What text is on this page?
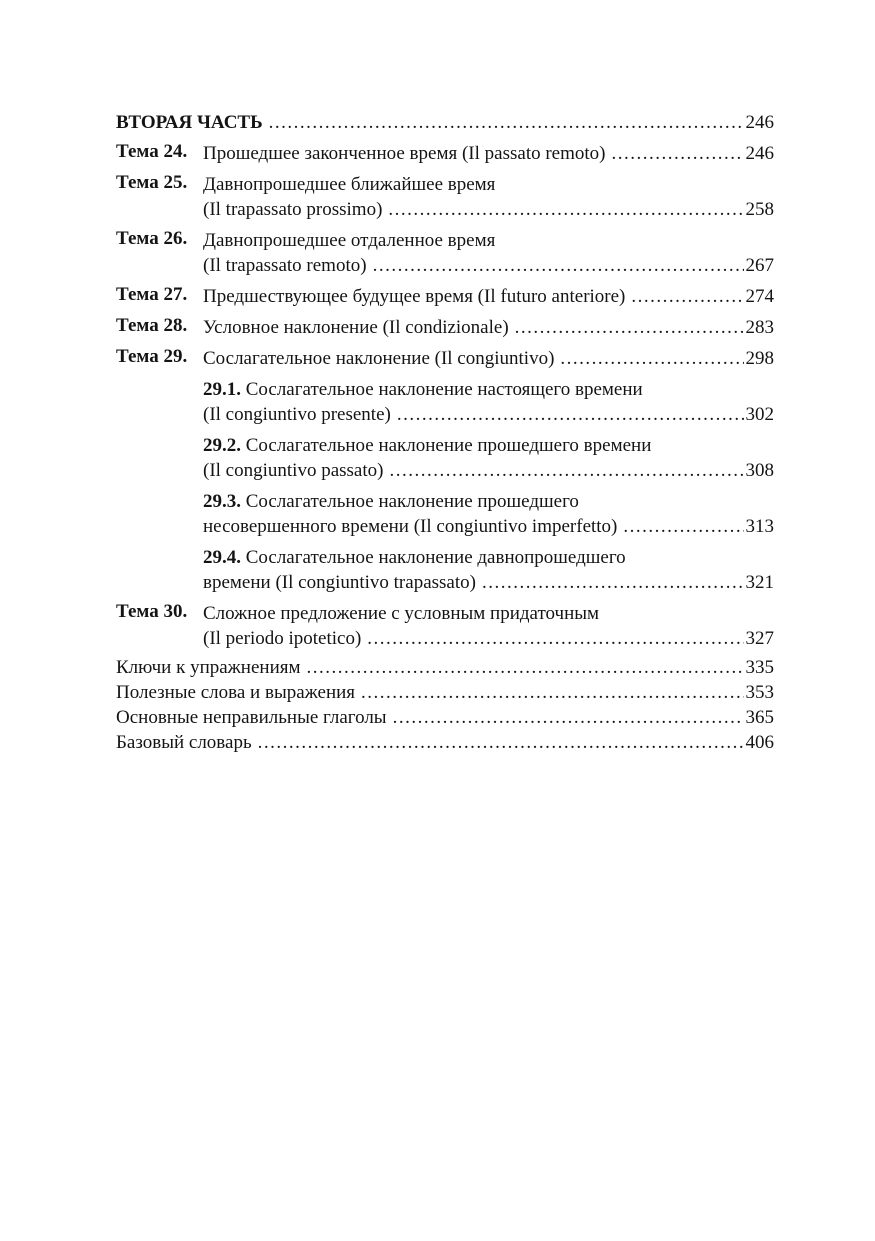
ВТОРАЯ ЧАСТЬ .....	246
Тема 24. Прошедшее законченное время (Il passato remoto) .....	246
Тема 25. Давнопрошедшее ближайшее время
(Il trapassato prossimo) .....	258
Тема 26. Давнопрошедшее отдаленное время
(Il trapassato remoto) .....	267
Тема 27. Предшествующее будущее время (Il futuro anteriore) .....	274
Тема 28. Условное наклонение (Il condizionale) .....	283
Тема 29. Сослагательное наклонение (Il congiuntivo) .....	298
29.1. Сослагательное наклонение настоящего времени
(Il congiuntivo presente) .....	302
29.2. Сослагательное наклонение прошедшего времени
(Il congiuntivo passato) .....	308
29.3. Сослагательное наклонение прошедшего
несовершенного времени (Il congiuntivo imperfetto) .....	313
29.4. Сослагательное наклонение давнопрошедшего
времени (Il congiuntivo trapassato) .....	321
Тема 30. Сложное предложение с условным придаточным
(Il periodo ipotetico) .....	327
Ключи к упражнениям .....	335
Полезные слова и выражения .....	353
Основные неправильные глаголы .....	365
Базовый словарь .....	406
